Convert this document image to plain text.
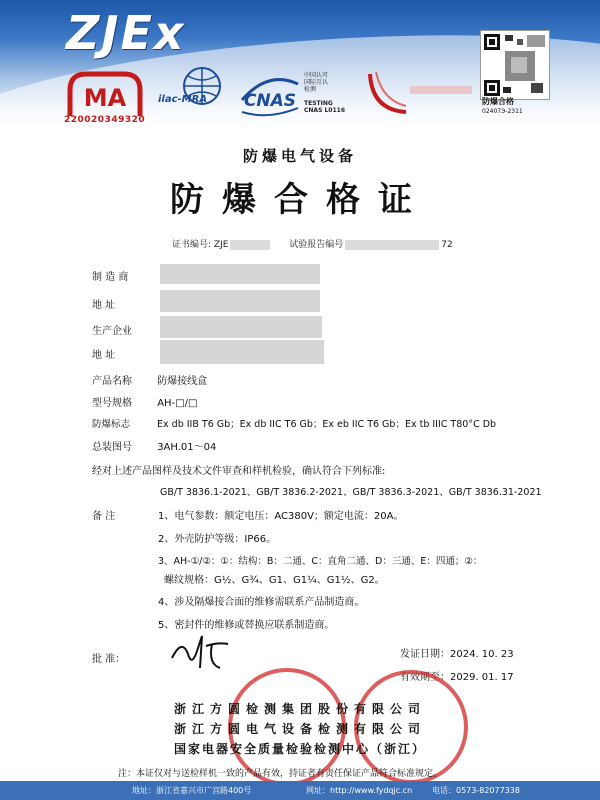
ZJEx
MA
220020349320
ilac-MRA CNAS
中国认可
国际互认
检测
TESTING
CNAS L0116
防爆合格
02407Э-2311
防爆电气设备
防爆合格证
证书编号: ZJE	试验报告编号	72
制 造 商
地 址
生产企业
地 址
产品名称	防爆接线盒
型号规格	AH-□/□
防爆标志	Ex db IIB T6 Gb；Ex db IIC T6 Gb；Ex eb IIC T6 Gb；Ex tb IIIC T80°C Db
总装图号	3AH.01～04
经对上述产品图样及技术文件审查和样机检验，确认符合下列标准:
GB/T 3836.1-2021、GB/T 3836.2-2021、GB/T 3836.3-2021、GB/T 3836.31-2021
备 注	1、电气参数：额定电压：AC380V；额定电流：20A。
2、外壳防护等级：IP66。
3、AH-①/②：①：结构：B：二通、C：直角二通、D：三通、E：四通；②：
螺纹规格：G½、G¾、G1、G1¼、G1½、G2。
4、涉及隔爆接合面的维修需联系产品制造商。
5、密封件的维修或替换应联系制造商。
批 准：	发证日期：2024. 10. 23
有效期至：2029. 01. 17
浙江方圆检测集团股份有限公司
浙江方圆电气设备检测有限公司
国家电器安全质量检验检测中心（浙江）
注：本证仅对与送检样机一致的产品有效，持证者有责任保证产品符合标准规定。
地址：浙江省嘉兴市广宫路400号	网址：http://www.fydqjc.cn 电话：0573-82077338
